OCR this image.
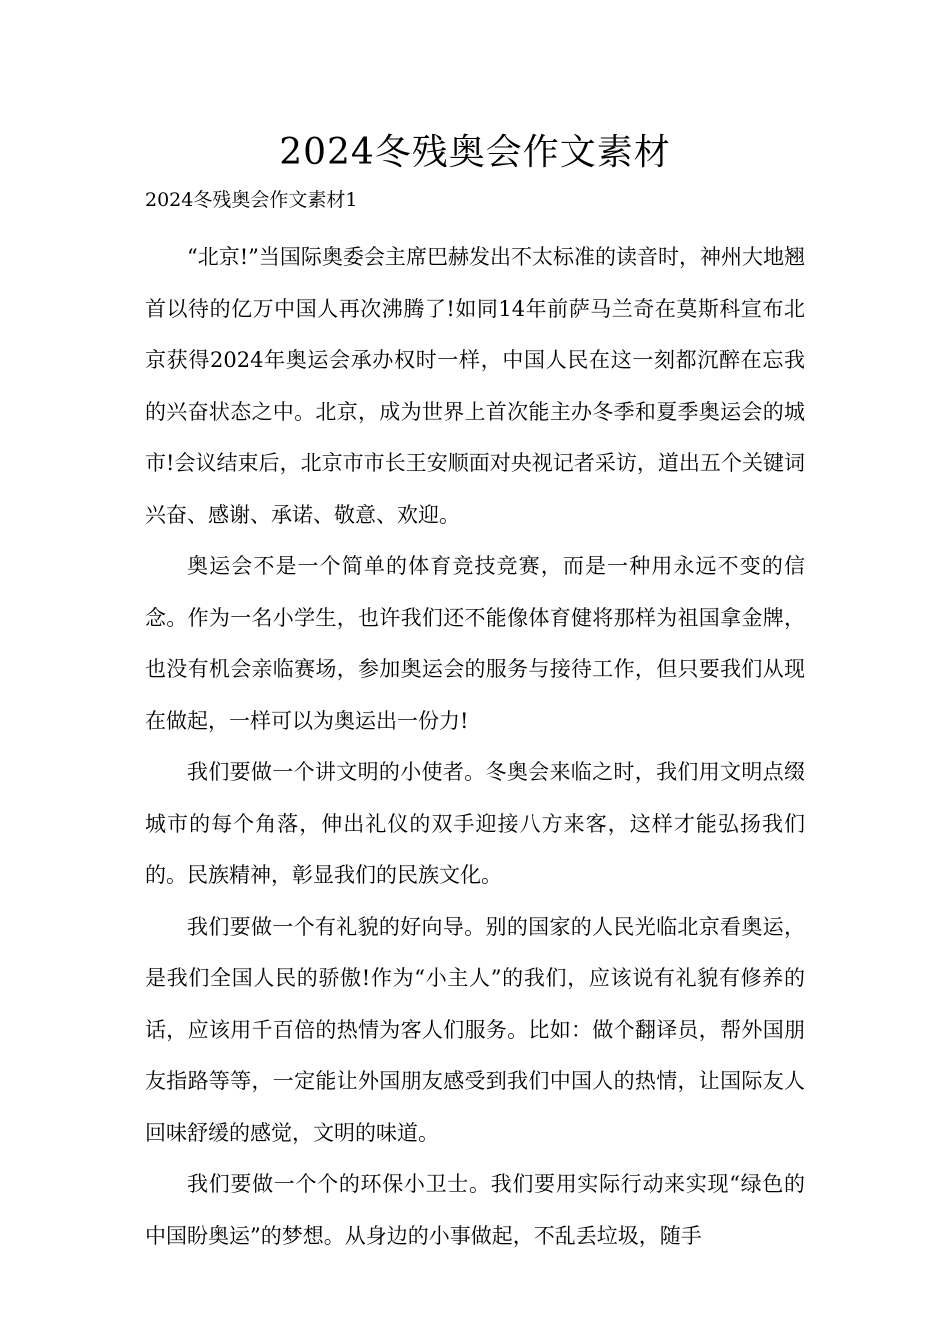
2024冬残奥会作文素材
2024冬残奥会作文素材1

“北京!”当国际奥委会主席巴赫发出不太标准的读音时，神州大地翘首以待的亿万中国人再次沸腾了!如同14年前萨马兰奇在莫斯科宣布北京获得2024年奥运会承办权时一样，中国人民在这一刻都沉醉在忘我的兴奋状态之中。北京，成为世界上首次能主办冬季和夏季奥运会的城市!会议结束后，北京市市长王安顺面对央视记者采访，道出五个关键词兴奋、感谢、承诺、敬意、欢迎。

奥运会不是一个简单的体育竞技竞赛，而是一种用永远不变的信念。作为一名小学生，也许我们还不能像体育健将那样为祖国拿金牌，也没有机会亲临赛场，参加奥运会的服务与接待工作，但只要我们从现在做起，一样可以为奥运出一份力!

我们要做一个讲文明的小使者。冬奥会来临之时，我们用文明点缀城市的每个角落，伸出礼仪的双手迎接八方来客，这样才能弘扬我们的。民族精神，彰显我们的民族文化。

我们要做一个有礼貌的好向导。别的国家的人民光临北京看奥运，是我们全国人民的骄傲!作为“小主人”的我们，应该说有礼貌有修养的话，应该用千百倍的热情为客人们服务。比如：做个翻译员，帮外国朋友指路等等，一定能让外国朋友感受到我们中国人的热情，让国际友人回味舒缓的感觉，文明的味道。

我们要做一个个的环保小卫士。我们要用实际行动来实现“绿色的中国盼奥运”的梦想。从身边的小事做起，不乱丢垃圾，随手
